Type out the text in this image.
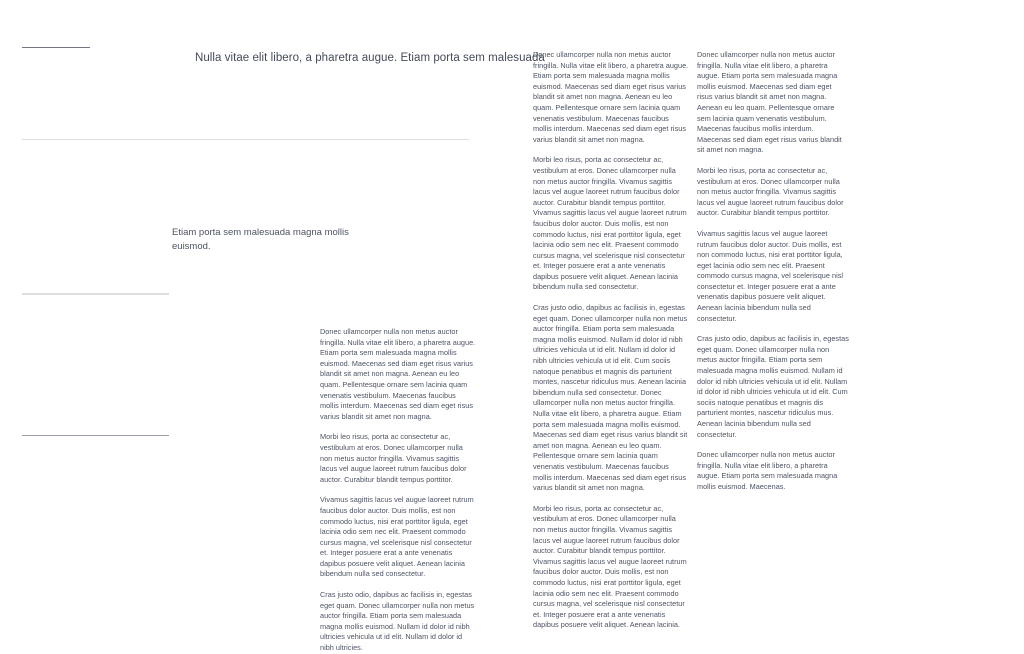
Nulla vitae elit libero, a pharetra augue. Etiam porta sem malesuada
Etiam porta sem malesuada magna mollis euismod.

Donec ullamcorper nulla non metus auctor fringilla. Nulla vitae elit libero, a pharetra augue. Etiam porta sem malesuada magna mollis euismod. Maecenas sed diam eget risus varius blandit sit amet non magna. Aenean eu leo quam. Pellentesque ornare sem lacinia quam venenatis vestibulum. Maecenas faucibus mollis interdum. Maecenas sed diam eget risus varius blandit sit amet non magna.

Morbi leo risus, porta ac consectetur ac, vestibulum at eros. Donec ullamcorper nulla non metus auctor fringilla. Vivamus sagittis lacus vel augue laoreet rutrum faucibus dolor auctor. Curabitur blandit tempus porttitor.

Vivamus sagittis lacus vel augue laoreet rutrum faucibus dolor auctor. Duis mollis, est non commodo luctus, nisi erat porttitor ligula, eget lacinia odio sem nec elit. Praesent commodo cursus magna, vel scelerisque nisl consectetur et. Integer posuere erat a ante venenatis dapibus posuere velit aliquet. Aenean lacinia bibendum nulla sed consectetur.

Cras justo odio, dapibus ac facilisis in, egestas eget quam. Donec ullamcorper nulla non metus auctor fringilla. Etiam porta sem malesuada magna mollis euismod. Nullam id dolor id nibh ultricies vehicula ut id elit. Nullam id dolor id nibh ultricies.

Donec ullamcorper nulla non metus auctor fringilla. Nulla vitae elit libero, a pharetra augue. Etiam porta sem malesuada magna mollis euismod. Maecenas sed diam eget risus varius blandit sit amet non magna. Aenean eu leo quam. Pellentesque ornare sem lacinia quam venenatis vestibulum. Maecenas faucibus mollis interdum. Maecenas sed diam eget risus varius blandit sit amet non magna.

Morbi leo risus, porta ac consectetur ac, vestibulum at eros. Donec ullamcorper nulla non metus auctor fringilla. Vivamus sagittis lacus vel augue laoreet rutrum faucibus dolor auctor. Curabitur blandit tempus porttitor. Vivamus sagittis lacus vel augue laoreet rutrum faucibus dolor auctor. Duis mollis, est non commodo luctus, nisi erat porttitor ligula, eget lacinia odio sem nec elit. Praesent commodo cursus magna, vel scelerisque nisl consectetur et. Integer posuere erat a ante venenatis dapibus posuere velit aliquet. Aenean lacinia bibendum nulla sed consectetur.

Cras justo odio, dapibus ac facilisis in, egestas eget quam. Donec ullamcorper nulla non metus auctor fringilla. Etiam porta sem malesuada magna mollis euismod. Nullam id dolor id nibh ultricies vehicula ut id elit. Nullam id dolor id nibh ultricies vehicula ut id elit. Cum sociis natoque penatibus et magnis dis parturient montes, nascetur ridiculus mus. Aenean lacinia bibendum nulla sed consectetur. Donec ullamcorper nulla non metus auctor fringilla. Nulla vitae elit libero, a pharetra augue. Etiam porta sem malesuada magna mollis euismod. Maecenas sed diam eget risus varius blandit sit amet non magna. Aenean eu leo quam. Pellentesque ornare sem lacinia quam venenatis vestibulum. Maecenas faucibus mollis interdum. Maecenas sed diam eget risus varius blandit sit amet non magna.

Morbi leo risus, porta ac consectetur ac, vestibulum at eros. Donec ullamcorper nulla non metus auctor fringilla. Vivamus sagittis lacus vel augue laoreet rutrum faucibus dolor auctor. Curabitur blandit tempus porttitor. Vivamus sagittis lacus vel augue laoreet rutrum faucibus dolor auctor. Duis mollis, est non commodo luctus, nisi erat porttitor ligula, eget lacinia odio sem nec elit. Praesent commodo cursus magna, vel scelerisque nisl consectetur et. Integer posuere erat a ante venenatis dapibus posuere velit aliquet. Aenean lacinia.

Donec ullamcorper nulla non metus auctor fringilla. Nulla vitae elit libero, a pharetra augue. Etiam porta sem malesuada magna mollis euismod. Maecenas sed diam eget risus varius blandit sit amet non magna. Aenean eu leo quam. Pellentesque ornare sem lacinia quam venenatis vestibulum. Maecenas faucibus mollis interdum. Maecenas sed diam eget risus varius blandit sit amet non magna.

Morbi leo risus, porta ac consectetur ac, vestibulum at eros. Donec ullamcorper nulla non metus auctor fringilla. Vivamus sagittis lacus vel augue laoreet rutrum faucibus dolor auctor. Curabitur blandit tempus porttitor.

Vivamus sagittis lacus vel augue laoreet rutrum faucibus dolor auctor. Duis mollis, est non commodo luctus, nisi erat porttitor ligula, eget lacinia odio sem nec elit. Praesent commodo cursus magna, vel scelerisque nisl consectetur et. Integer posuere erat a ante venenatis dapibus posuere velit aliquet. Aenean lacinia bibendum nulla sed consectetur.

Cras justo odio, dapibus ac facilisis in, egestas eget quam. Donec ullamcorper nulla non metus auctor fringilla. Etiam porta sem malesuada magna mollis euismod. Nullam id dolor id nibh ultricies vehicula ut id elit. Nullam id dolor id nibh ultricies vehicula ut id elit. Cum sociis natoque penatibus et magnis dis parturient montes, nascetur ridiculus mus. Aenean lacinia bibendum nulla sed consectetur.

Donec ullamcorper nulla non metus auctor fringilla. Nulla vitae elit libero, a pharetra augue. Etiam porta sem malesuada magna mollis euismod. Maecenas.
